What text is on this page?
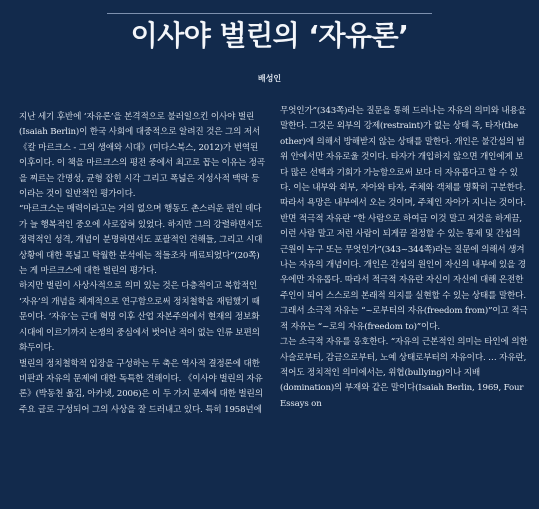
이사야 벌린의 ‘자유론’
배성인

지난 세기 후반에 ‘자유론’을 본격적으로 불러일으킨 이사야 벌린(Isaiah Berlin)이 한국 사회에 대중적으로 알려진 것은 그의 저서 《칼 마르크스 - 그의 생애와 시대》(미다스북스, 2012)가 번역된 이후이다. 이 책을 마르크스의 평전 중에서 최고로 꼽는 이유는 정곡을 찌르는 간명성, 균형 잡힌 시각 그리고 폭넓은 지성사적 맥락 등이라는 것이 일반적인 평가이다.

“마르크스는 매력이라고는 거의 없으며 행동도 촌스러운 편인 데다가 늘 행복적인 중오에 사로잡혀 있었다. 하지만 그의 강렬하면서도 정력적인 성격, 개념이 분명하면서도 포괄적인 견해들, 그리고 시대 상황에 대한 폭넓고 탁월한 분석에는 적들조차 매료되었다”(20쪽)는 게 마르크스에 대한 벌린의 평가다.

하지만 벌린이 사상사적으로 의미 있는 것은 다층적이고 복합적인 ‘자유’의 개념을 체계적으로 연구함으로써 정치철학을 재텀했기 때문이다. ‘자유’는 근대 혁명 이후 산업 자본주의에서 현재의 정보화 시대에 이르기까지 논쟁의 중심에서 벗어난 적이 없는 인류 보편의 화두이다.

벌린의 정치철학적 입장을 구성하는 두 축은 역사적 결정론에 대한 비판과 자유의 문제에 대한 독특한 견해이다. 《이사야 벌린의 자유론》(박동천 옮김, 아카넷, 2006)은 이 두 가지 문제에 대한 벌린의 주요 글로 구성되어 그의 사상을 잘 드러내고 있다. 특히 1958년에

무엇인가”(343쪽)라는 질문을 통해 드러나는 자유의 의미와 내용을 말한다. 그것은 외부의 강제(restraint)가 없는 상태 즉, 타자(the other)에 의해서 방해받지 않는 상태를 말한다. 개인은 불간섭의 범위 안에서만 자유로울 것이다. 타자가 개입하지 않으면 개인에게 보다 많은 선택과 기회가 가능함으로써 보다 더 자유롭다고 할 수 있다. 이는 내부와 외부, 자아와 타자, 주체와 객체를 명확히 구분한다. 따라서 욕망은 내부에서 오는 것이며, 주체인 자아가 지니는 것이다.

반면 적극적 자유란 “한 사람으로 하여금 이것 말고 저것을 하게끔, 이런 사람 말고 저런 사람이 되게끔 결정할 수 있는 통제 및 간섭의 근원이 누구 또는 무엇인가”(343~344쪽)라는 질문에 의해서 생겨나는 자유의 개념이다. 개인은 간섭의 원인이 자신의 내부에 있을 경우에만 자유롭다. 따라서 적극적 자유란 자신이 자신에 대해 온전한 주인이 되어 스스로의 본래적 의지를 실현할 수 있는 상태를 말한다. 그래서 소극적 자유는 “~로부터의 자유(freedom from)”이고 적극적 자유는 “~로의 자유(freedom to)”이다.

그는 소극적 자유를 옹호한다. “자유의 근본적인 의미는 타인에 의한 사슬로부터, 감금으로부터, 노예 상태로부터의 자유이다. … 자유란, 적어도 정치적인 의미에서는, 위협(bullying)이나 지배(domination)의 부재와 같은 말이다(Isaiah Berlin, 1969, Four Essays on
